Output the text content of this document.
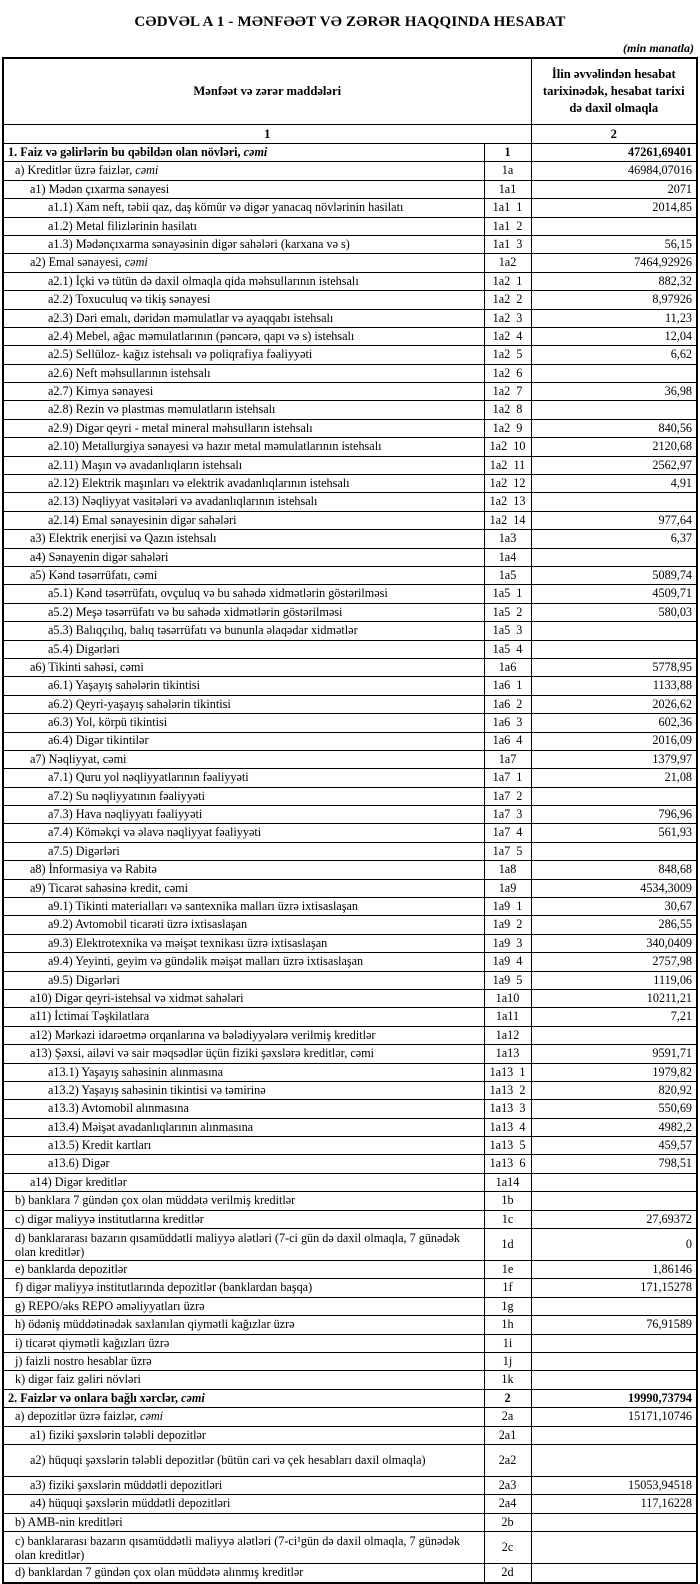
CƏDVƏL A 1 - MƏNFƏƏT VƏ ZƏRƏR HAQQINDA HESABAT
(min manatla)
Mənfəət və zərər maddələri		İlin əvvəlindən hesabat tarixinədək, hesabat tarixi də daxil olmaqla
1		2
1. Faiz və gəlirlərin bu qəbildən olan növləri, cəmi	1	47261,69401
a) Kreditlər üzrə faizlər, cəmi	1a	46984,07016
a1) Mədən çıxarma sənayesi	1a1	2071
a1.1) Xam neft, təbii qaz, daş kömür və digər yanacaq növlərinin hasilatı	1a1  1	2014,85
a1.2) Metal filizlərinin hasilatı	1a1  2	
a1.3) Mədənçıxarma sənayəsinin digər sahələri (karxana və s)	1a1  3	56,15
a2) Emal sənayesi, cəmi	1a2	7464,92926
a2.1) İçki və tütün də daxil olmaqla qida məhsullarının istehsalı	1a2  1	882,32
a2.2) Toxuculuq və tikiş sənayesi	1a2  2	8,97926
a2.3) Dəri emalı, dəridən məmulatlar və ayaqqabı istehsalı	1a2  3	11,23
a2.4) Mebel, ağac məmulatlarının (pəncərə, qapı və s) istehsalı	1a2  4	12,04
a2.5) Sellüloz- kağız istehsalı və poliqrafiya fəaliyyəti	1a2  5	6,62
a2.6) Neft məhsullarının istehsalı	1a2  6	
a2.7) Kimya sənayesi	1a2  7	36,98
a2.8) Rezin və plastmas məmulatların istehsalı	1a2  8	
a2.9) Digər qeyri - metal mineral məhsulların istehsalı	1a2  9	840,56
a2.10) Metallurgiya sənayesi və hazır metal məmulatlarının istehsalı	1a2  10	2120,68
a2.11) Maşın və avadanlıqların istehsalı	1a2  11	2562,97
a2.12) Elektrik maşınları və elektrik avadanlıqlarının istehsalı	1a2  12	4,91
a2.13) Nəqliyyat vasitələri və avadanlıqlarının istehsalı	1a2  13	
a2.14) Emal sənayesinin digər sahələri	1a2  14	977,64
a3) Elektrik enerjisi və Qazın istehsalı	1a3	6,37
a4) Sənayenin digər sahələri	1a4	
a5) Kənd təsərrüfatı, cəmi	1a5	5089,74
a5.1) Kənd təsərrüfatı, ovçuluq və bu sahədə xidmətlərin göstərilməsi	1a5  1	4509,71
a5.2) Meşə təsərrüfatı və bu sahədə xidmətlərin göstərilməsi	1a5  2	580,03
a5.3) Balıqçılıq, balıq təsərrüfatı və bununla əlaqədar xidmətlər	1a5  3	
a5.4) Digərləri	1a5  4	
a6) Tikinti sahəsi, cəmi	1a6	5778,95
a6.1) Yaşayış sahələrin tikintisi	1a6  1	1133,88
a6.2) Qeyri-yaşayış sahələrin tikintisi	1a6  2	2026,62
a6.3) Yol, körpü tikintisi	1a6  3	602,36
a6.4) Digər tikintilər	1a6  4	2016,09
a7) Nəqliyyat, cəmi	1a7	1379,97
a7.1) Quru yol nəqliyyatlarının fəaliyyəti	1a7  1	21,08
a7.2) Su nəqliyyatının fəaliyyəti	1a7  2	
a7.3) Hava nəqliyyatı fəaliyyəti	1a7  3	796,96
a7.4) Köməkçi və əlavə nəqliyyat fəaliyyəti	1a7  4	561,93
a7.5) Digərləri	1a7  5	
a8) İnformasiya və Rabitə	1a8	848,68
a9) Ticarət sahəsinə kredit, cəmi	1a9	4534,3009
a9.1) Tikinti materialları və santexnika malları üzrə ixtisaslaşan	1a9  1	30,67
a9.2) Avtomobil ticarəti üzrə ixtisaslaşan	1a9  2	286,55
a9.3) Elektrotexnika və məişət texnikası üzrə ixtisaslaşan	1a9  3	340,0409
a9.4) Yeyinti, geyim və gündəlik məişət malları üzrə ixtisaslaşan	1a9  4	2757,98
a9.5) Digərləri	1a9  5	1119,06
a10) Digər qeyri-istehsal və xidmət sahələri	1a10	10211,21
a11) İctimai Təşkilatlara	1a11	7,21
a12) Mərkəzi idarəetmə orqanlarına və bələdiyyələrə verilmiş kreditlər	1a12	
a13) Şəxsi, ailəvi və sair məqsədlər üçün fiziki şəxslərə kreditlər, cəmi	1a13	9591,71
a13.1) Yaşayış sahəsinin alınmasına	1a13  1	1979,82
a13.2) Yaşayış sahəsinin tikintisi və təmirinə	1a13  2	820,92
a13.3) Avtomobil alınmasına	1a13  3	550,69
a13.4) Məişət avadanlıqlarının alınmasına	1a13  4	4982,2
a13.5) Kredit kartları	1a13  5	459,57
a13.6) Digər	1a13  6	798,51
a14) Digər kreditlər	1a14	
b) banklara 7 gündən çox olan müddətə verilmiş kreditlər	1b	
c) digər maliyyə institutlarına kreditlər	1c	27,69372
d) banklararası bazarın qısamüddətli maliyyə alətləri (7-ci gün də daxil olmaqla, 7 günədək olan kreditlər)	1d	0
e) banklarda depozitlər	1e	1,86146
f) digər maliyyə institutlarında depozitlər (banklardan başqa)	1f	171,15278
g) REPO/əks REPO əməliyyatları üzrə	1g	
h) ödəniş müddətinədək saxlanılan qiymətli kağızlar üzrə	1h	76,91589
i) ticarət qiymətli kağızları üzrə	1i	
j) faizli nostro hesablar üzrə	1j	
k) digər faiz gəliri növləri	1k	
2. Faizlər və onlara bağlı xərclər, cəmi	2	19990,73794
a) depozitlər üzrə faizlər, cəmi	2a	15171,10746
a1) fiziki şəxslərin tələbli depozitlər	2a1	
a2) hüquqi şəxslərin tələbli depozitlər (bütün cari və çek hesabları daxil olmaqla)	2a2	
a3) fiziki şəxslərin müddətli depozitləri	2a3	15053,94518
a4) hüquqi şəxslərin müddətli depozitləri	2a4	117,16228
b) AMB-nin kreditləri	2b	
c) banklararası bazarın qısamüddətli maliyyə alətləri (7-ci¹gün də daxil olmaqla, 7 günədək olan kreditlər)	2c	
d) banklardan 7 gündən çox olan müddətə alınmış kreditlər	2d	
